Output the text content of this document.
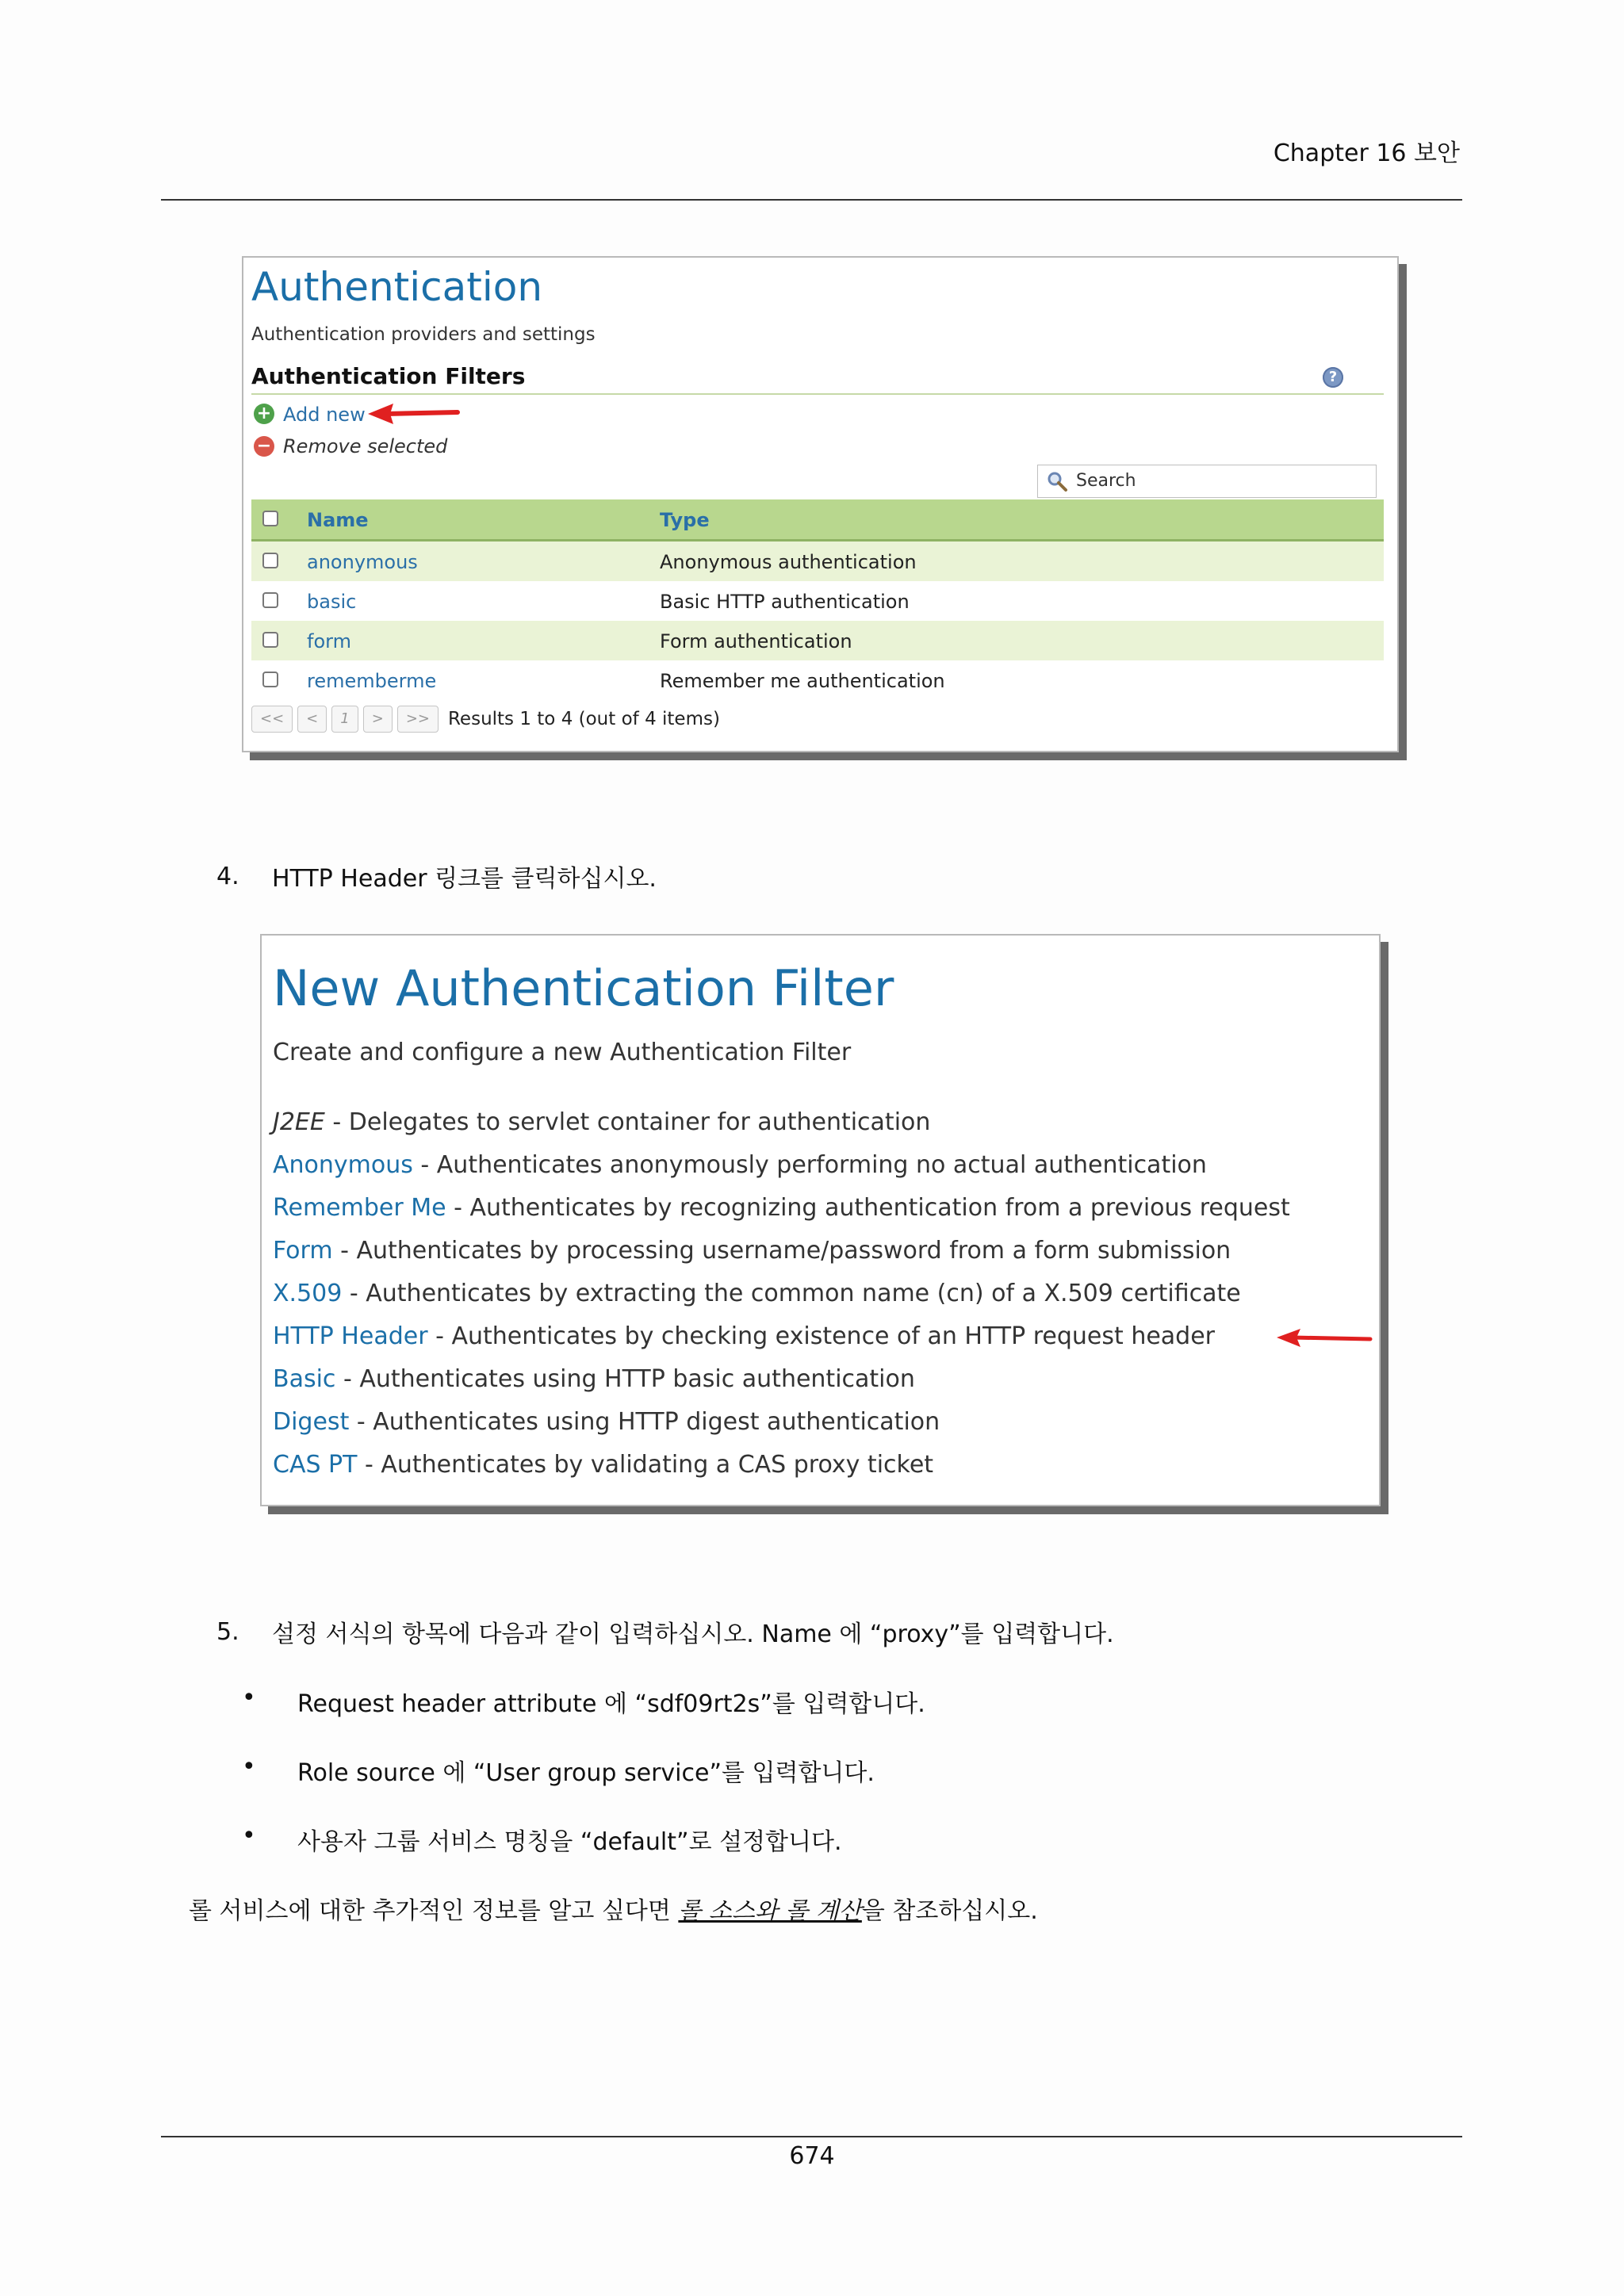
Chapter 16 보안
Authentication
Authentication providers and settings
Authentication Filters	?
+ Add new
− Remove selected
Search
Name	Type
anonymous	Anonymous authentication
basic	Basic HTTP authentication
form	Form authentication
rememberme	Remember me authentication
<<	<	1	>	>>	Results 1 to 4 (out of 4 items)
4. HTTP Header 링크를 클릭하십시오.
New Authentication Filter
Create and configure a new Authentication Filter
J2EE - Delegates to servlet container for authentication
Anonymous - Authenticates anonymously performing no actual authentication
Remember Me - Authenticates by recognizing authentication from a previous request
Form - Authenticates by processing username/password from a form submission
X.509 - Authenticates by extracting the common name (cn) of a X.509 certificate
HTTP Header - Authenticates by checking existence of an HTTP request header
Basic - Authenticates using HTTP basic authentication
Digest - Authenticates using HTTP digest authentication
CAS PT - Authenticates by validating a CAS proxy ticket
5. 설정 서식의 항목에 다음과 같이 입력하십시오. Name 에 “proxy”를 입력합니다.
• Request header attribute 에 “sdf09rt2s”를 입력합니다.
• Role source 에 “User group service”를 입력합니다.
• 사용자 그룹 서비스 명칭을 “default”로 설정합니다.
롤 서비스에 대한 추가적인 정보를 알고 싶다면 롤 소스와 롤 계산을 참조하십시오.
674
